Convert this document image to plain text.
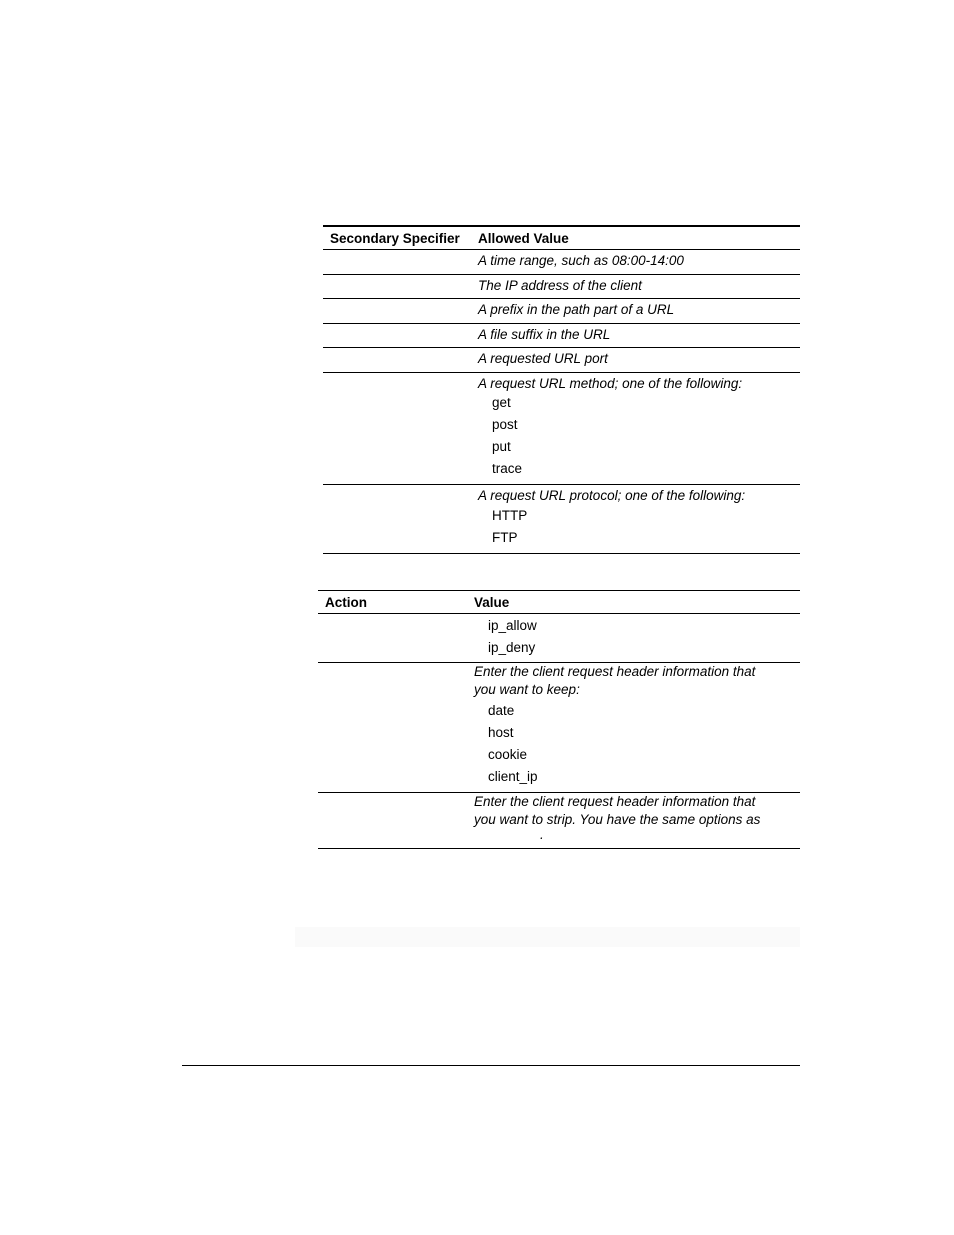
Secondary Specifier	Allowed Value

	A time range, such as 08:00-14:00

	The IP address of the client

	A prefix in the path part of a URL

	A file suffix in the URL

	A requested URL port

	A request URL method; one of the following:
get
post
put
trace

	A request URL protocol; one of the following:
HTTP
FTP
Action	Value

	ip_allow
ip_deny

	Enter the client request header information that you want to keep:
date
host
cookie
client_ip

	Enter the client request header information that you want to strip. You have the same options as
.
